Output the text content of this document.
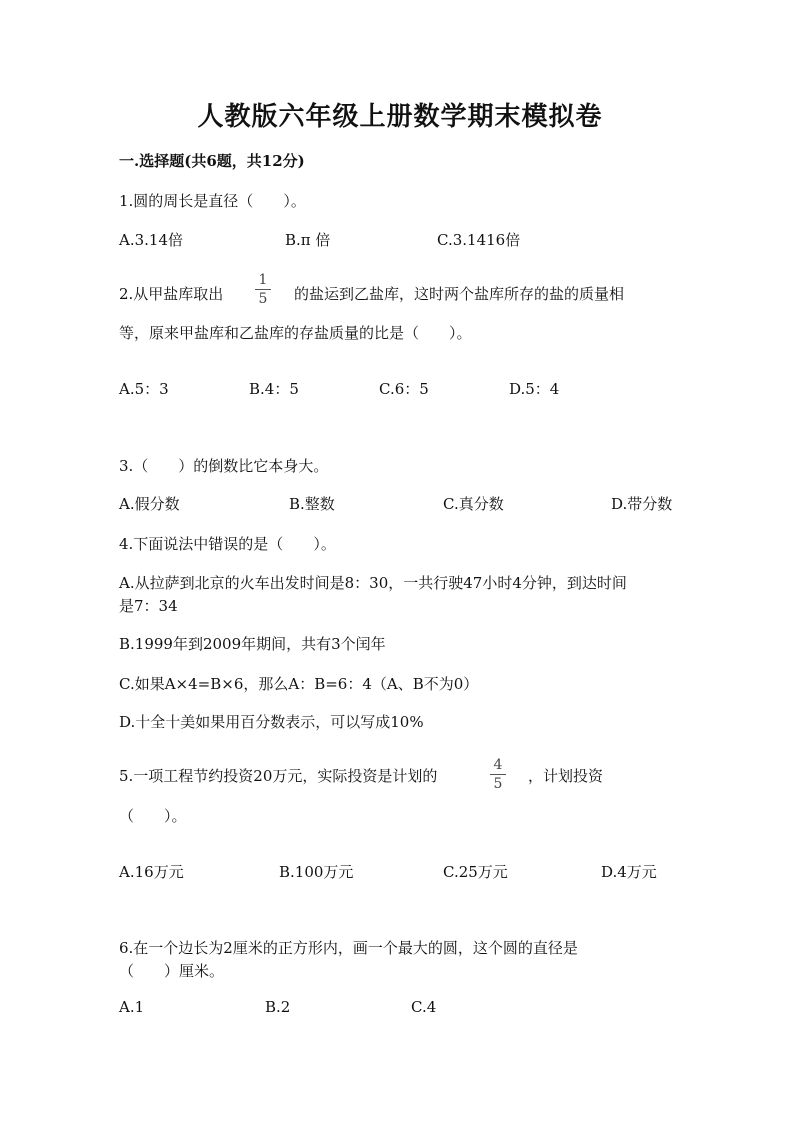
人教版六年级上册数学期末模拟卷
一.选择题(共6题，共12分)
1.圆的周长是直径（　　）。
A.3.14倍	B.π 倍	C.3.1416倍
2.从甲盐库取出
1
5	的盐运到乙盐库，这时两个盐库所存的盐的质量相
等，原来甲盐库和乙盐库的存盐质量的比是（　　）。
A.5：3	B.4：5	C.6：5	D.5：4
3.（　　）的倒数比它本身大。
A.假分数	B.整数	C.真分数	D.带分数
4.下面说法中错误的是（　　）。
A.从拉萨到北京的火车出发时间是8：30，一共行驶47小时4分钟，到达时间
是7：34
B.1999年到2009年期间，共有3个闰年
C.如果A×4=B×6，那么A：B=6：4（A、B不为0）
D.十全十美如果用百分数表示，可以写成10%
5.一项工程节约投资20万元，实际投资是计划的
4
5	，计划投资
（　　）。
A.16万元	B.100万元	C.25万元	D.4万元
6.在一个边长为2厘米的正方形内，画一个最大的圆，这个圆的直径是
（　　）厘米。
A.1	B.2	C.4
